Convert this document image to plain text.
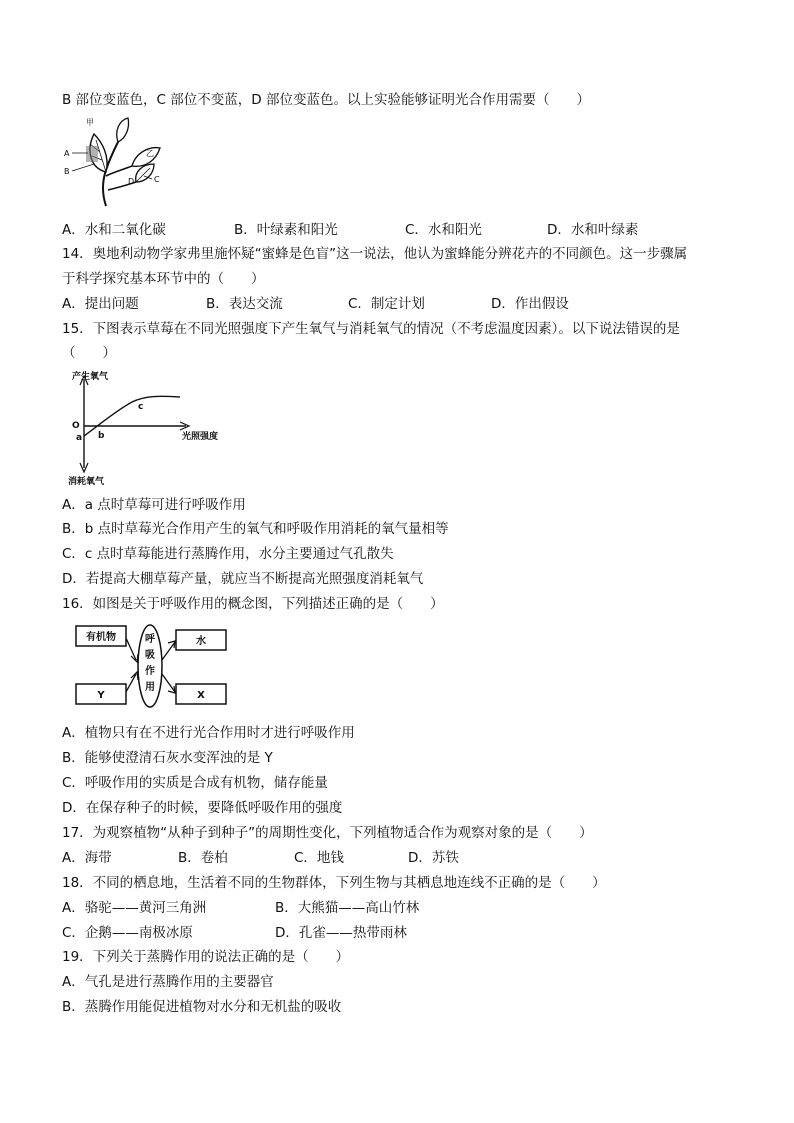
B 部位变蓝色，C 部位不变蓝，D 部位变蓝色。以上实验能够证明光合作用需要（　　）
甲
乙
A
B
C
D
A．水和二氧化碳	B．叶绿素和阳光	C．水和阳光	D．水和叶绿素
14．奥地利动物学家弗里施怀疑“蜜蜂是色盲”这一说法，他认为蜜蜂能分辨花卉的不同颜色。这一步骤属
于科学探究基本环节中的（　　）
A．提出问题	B．表达交流	C．制定计划	D．作出假设
15．下图表示草莓在不同光照强度下产生氧气与消耗氧气的情况（不考虑温度因素）。以下说法错误的是
（　　）
产生氧气
消耗氧气
光照强度
O
a b
c
A．a 点时草莓可进行呼吸作用
B．b 点时草莓光合作用产生的氧气和呼吸作用消耗的氧气量相等
C．c 点时草莓能进行蒸腾作用，水分主要通过气孔散失
D．若提高大棚草莓产量，就应当不断提高光照强度消耗氧气
16．如图是关于呼吸作用的概念图，下列描述正确的是（　　）
有机物
Y
呼
吸
作
用
水
X
A．植物只有在不进行光合作用时才进行呼吸作用
B．能够使澄清石灰水变浑浊的是 Y
C．呼吸作用的实质是合成有机物，储存能量
D．在保存种子的时候，要降低呼吸作用的强度
17．为观察植物“从种子到种子”的周期性变化，下列植物适合作为观察对象的是（　　）
A．海带	B．卷柏	C．地钱	D．苏铁
18．不同的栖息地，生活着不同的生物群体，下列生物与其栖息地连线不正确的是（　　）
A．骆驼——黄河三角洲	B．大熊猫——高山竹林
C．企鹅——南极冰原	D．孔雀——热带雨林
19．下列关于蒸腾作用的说法正确的是（　　）
A．气孔是进行蒸腾作用的主要器官
B．蒸腾作用能促进植物对水分和无机盐的吸收
